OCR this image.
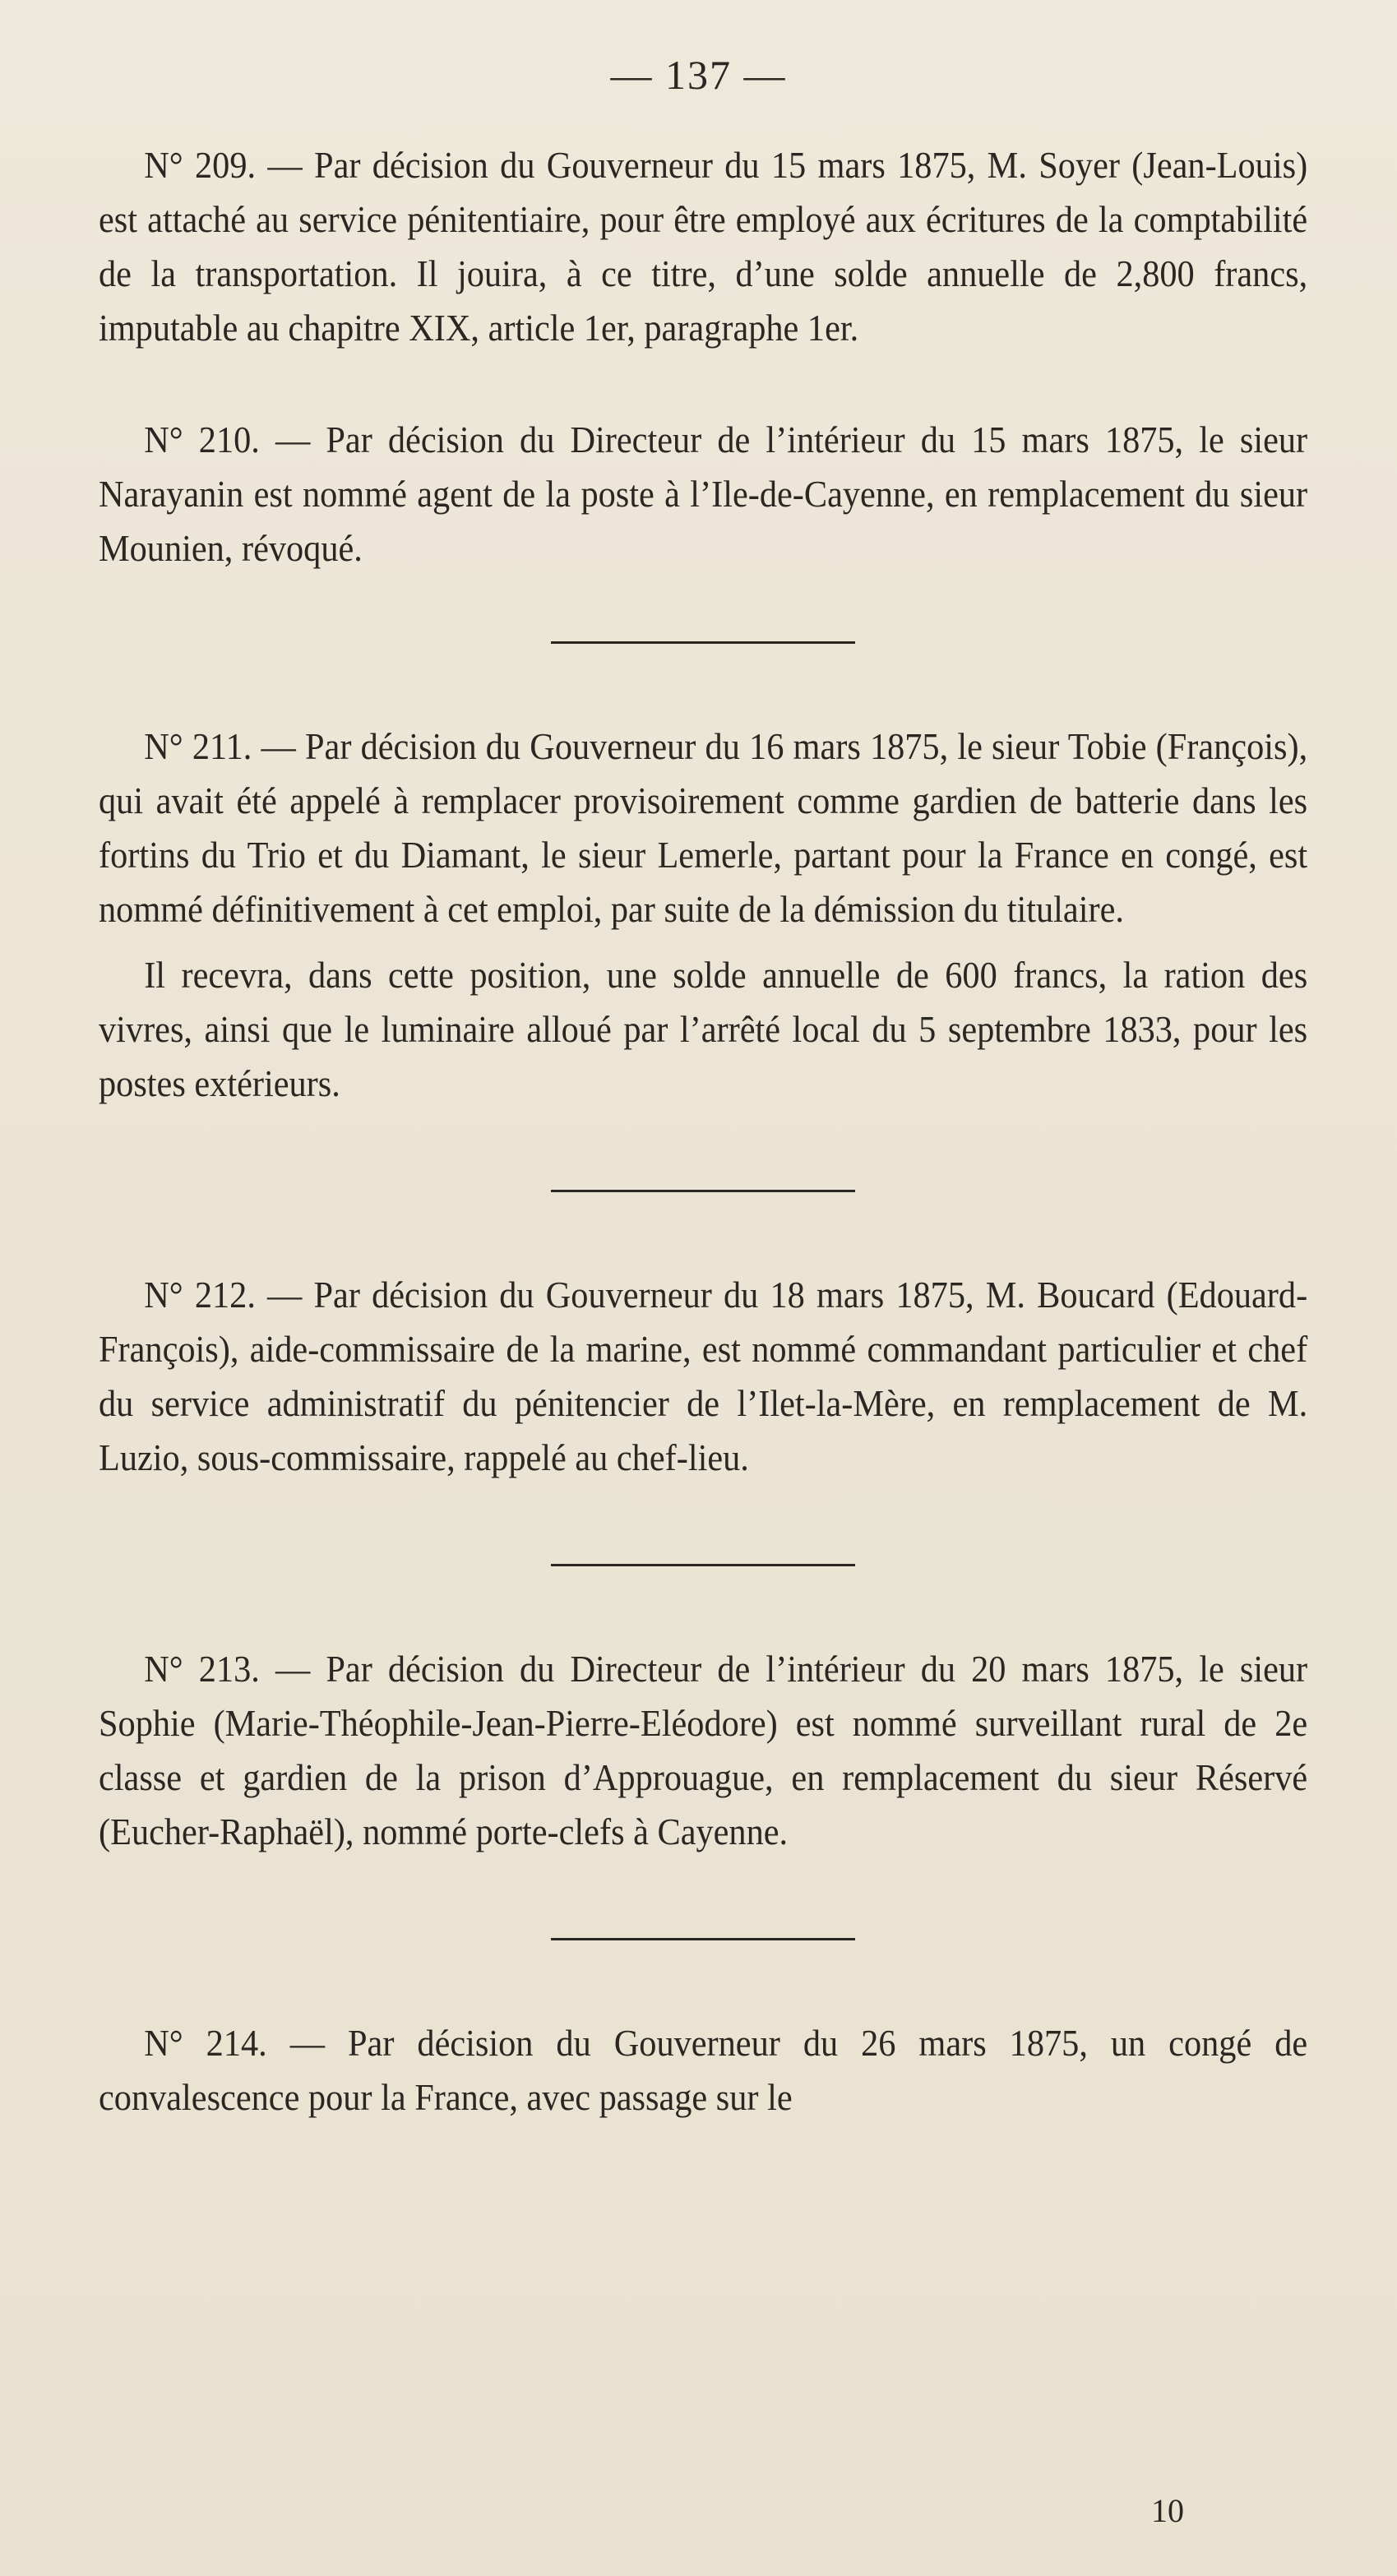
— 137 —

N° 209. — Par décision du Gouverneur du 15 mars 1875, M. Soyer (Jean-Louis) est attaché au service pénitentiaire, pour être employé aux écritures de la comptabilité de la transportation. Il jouira, à ce titre, d’une solde annuelle de 2,800 francs, imputable au chapitre XIX, article 1er, paragraphe 1er.

N° 210. — Par décision du Directeur de l’intérieur du 15 mars 1875, le sieur Narayanin est nommé agent de la poste à l’Ile-de-Cayenne, en remplacement du sieur Mounien, révoqué.

N° 211. — Par décision du Gouverneur du 16 mars 1875, le sieur Tobie (François), qui avait été appelé à remplacer provisoirement comme gardien de batterie dans les fortins du Trio et du Diamant, le sieur Lemerle, partant pour la France en congé, est nommé définitivement à cet emploi, par suite de la démission du titulaire.

Il recevra, dans cette position, une solde annuelle de 600 francs, la ration des vivres, ainsi que le luminaire alloué par l’arrêté local du 5 septembre 1833, pour les postes extérieurs.

N° 212. — Par décision du Gouverneur du 18 mars 1875, M. Boucard (Edouard-François), aide-commissaire de la marine, est nommé commandant particulier et chef du service administratif du pénitencier de l’Ilet-la-Mère, en remplacement de M. Luzio, sous-commissaire, rappelé au chef-lieu.

N° 213. — Par décision du Directeur de l’intérieur du 20 mars 1875, le sieur Sophie (Marie-Théophile-Jean-Pierre-Eléodore) est nommé surveillant rural de 2e classe et gardien de la prison d’Approuague, en remplacement du sieur Réservé (Eucher-Raphaël), nommé porte-clefs à Cayenne.

N° 214. — Par décision du Gouverneur du 26 mars 1875, un congé de convalescence pour la France, avec passage sur le

10
